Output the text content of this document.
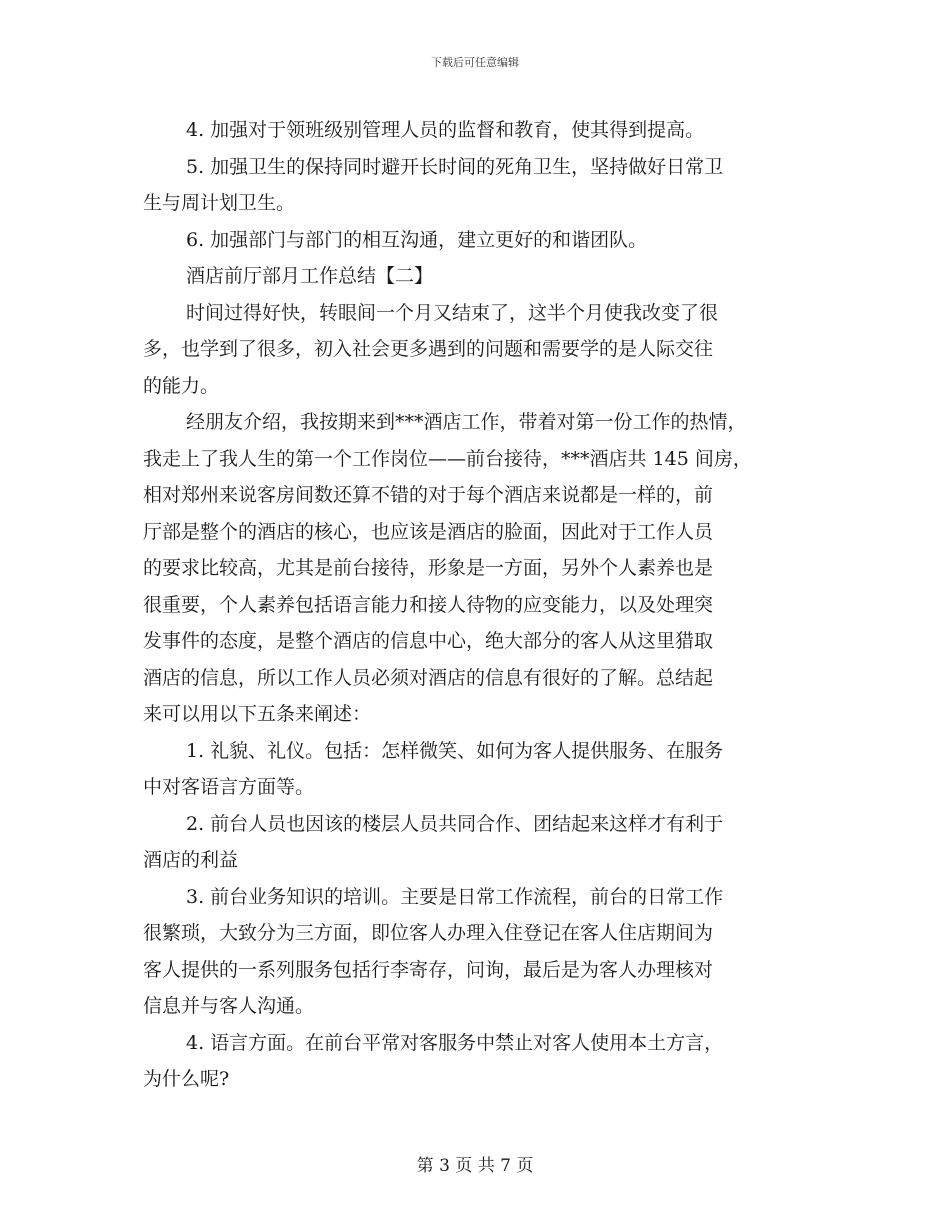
下载后可任意编辑
4. 加强对于领班级别管理人员的监督和教育，使其得到提高。
5. 加强卫生的保持同时避开长时间的死角卫生，坚持做好日常卫
生与周计划卫生。
6. 加强部门与部门的相互沟通，建立更好的和谐团队。
酒店前厅部月工作总结【二】
时间过得好快，转眼间一个月又结束了，这半个月使我改变了很
多，也学到了很多，初入社会更多遇到的问题和需要学的是人际交往
的能力。
经朋友介绍，我按期来到***酒店工作，带着对第一份工作的热情，
我走上了我人生的第一个工作岗位——前台接待，***酒店共 145 间房，
相对郑州来说客房间数还算不错的对于每个酒店来说都是一样的，前
厅部是整个的酒店的核心，也应该是酒店的脸面，因此对于工作人员
的要求比较高，尤其是前台接待，形象是一方面，另外个人素养也是
很重要，个人素养包括语言能力和接人待物的应变能力，以及处理突
发事件的态度，是整个酒店的信息中心，绝大部分的客人从这里猎取
酒店的信息，所以工作人员必须对酒店的信息有很好的了解。总结起
来可以用以下五条来阐述：
1. 礼貌、礼仪。包括：怎样微笑、如何为客人提供服务、在服务
中对客语言方面等。
2. 前台人员也因该的楼层人员共同合作、团结起来这样才有利于
酒店的利益
3. 前台业务知识的培训。主要是日常工作流程，前台的日常工作
很繁琐，大致分为三方面，即位客人办理入住登记在客人住店期间为
客人提供的一系列服务包括行李寄存，问询，最后是为客人办理核对
信息并与客人沟通。
4. 语言方面。在前台平常对客服务中禁止对客人使用本土方言，
为什么呢?
第 3 页 共 7 页
